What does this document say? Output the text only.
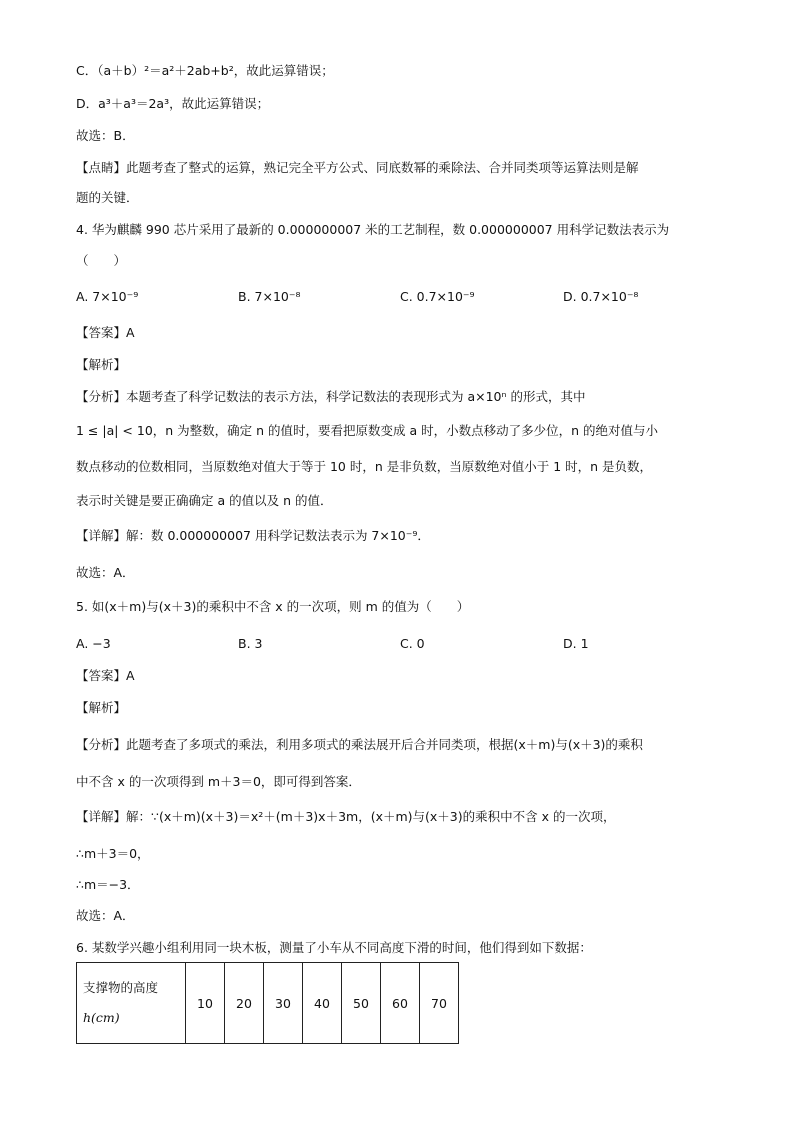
C．（a＋b）²＝a²＋2ab+b²，故此运算错误；
D．a³＋a³＝2a³，故此运算错误；
故选：B．
【点睛】此题考查了整式的运算，熟记完全平方公式、同底数幂的乘除法、合并同类项等运算法则是解
题的关键．
4. 华为麒麟 990 芯片采用了最新的 0.000000007 米的工艺制程，数 0.000000007 用科学记数法表示为
（　　）
A. 7×10⁻⁹	B. 7×10⁻⁸	C. 0.7×10⁻⁹	D. 0.7×10⁻⁸
【答案】A
【解析】
【分析】本题考查了科学记数法的表示方法，科学记数法的表现形式为 a×10ⁿ 的形式，其中
1 ≤ |a| < 10，n 为整数，确定 n 的值时，要看把原数变成 a 时，小数点移动了多少位，n 的绝对值与小
数点移动的位数相同，当原数绝对值大于等于 10 时，n 是非负数，当原数绝对值小于 1 时，n 是负数，
表示时关键是要正确确定 a 的值以及 n 的值．
【详解】解：数 0.000000007 用科学记数法表示为 7×10⁻⁹．
故选：A．
5. 如(x＋m)与(x＋3)的乘积中不含 x 的一次项，则 m 的值为（　　）
A. −3	B. 3	C. 0	D. 1
【答案】A
【解析】
【分析】此题考查了多项式的乘法，利用多项式的乘法展开后合并同类项，根据(x＋m)与(x＋3)的乘积
中不含 x 的一次项得到 m＋3＝0，即可得到答案．
【详解】解：∵(x＋m)(x＋3)＝x²＋(m＋3)x＋3m，(x＋m)与(x＋3)的乘积中不含 x 的一次项，
∴m＋3＝0，
∴m＝−3．
故选：A．
6. 某数学兴趣小组利用同一块木板，测量了小车从不同高度下滑的时间，他们得到如下数据：
支撑物的高度
h(cm)
	10	20	30	40	50	60	70
